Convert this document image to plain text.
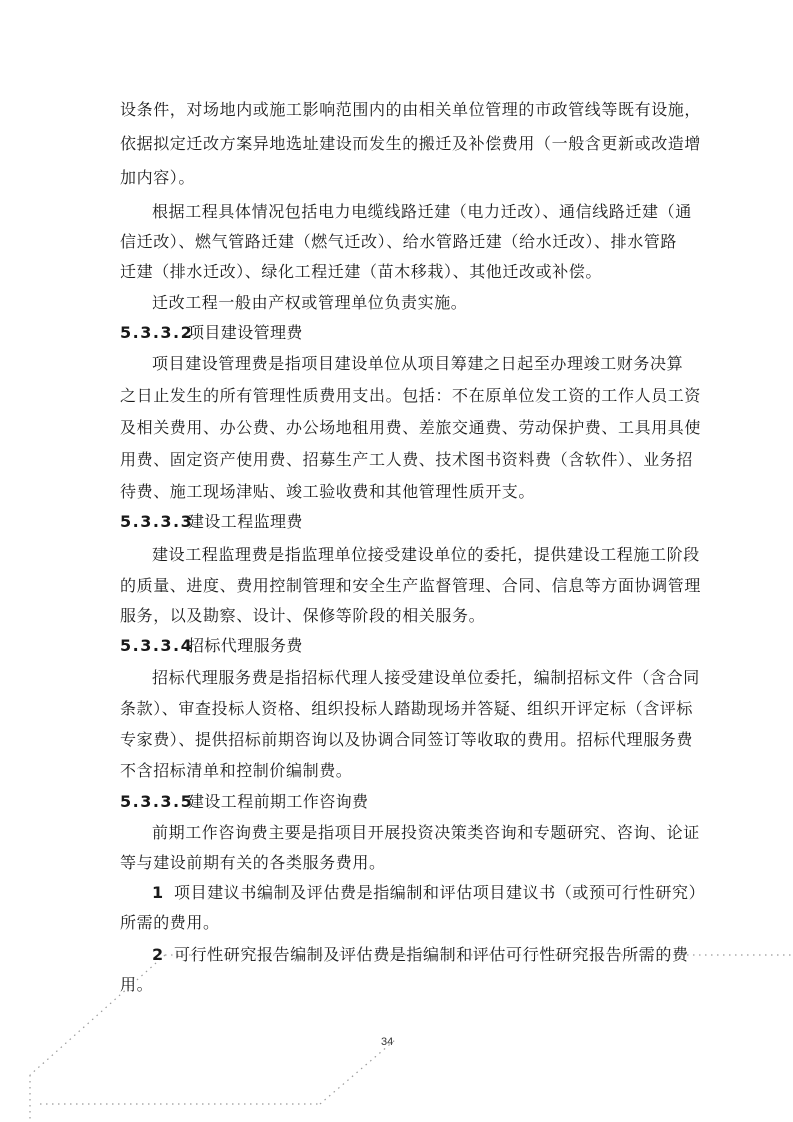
设条件，对场地内或施工影响范围内的由相关单位管理的市政管线等既有设施，
依据拟定迁改方案异地选址建设而发生的搬迁及补偿费用（一般含更新或改造增
加内容）。
根据工程具体情况包括电力电缆线路迁建（电力迁改）、通信线路迁建（通
信迁改）、燃气管路迁建（燃气迁改）、给水管路迁建（给水迁改）、排水管路
迁建（排水迁改）、绿化工程迁建（苗木移栽）、其他迁改或补偿。
迁改工程一般由产权或管理单位负责实施。
5.3.3.2项目建设管理费
项目建设管理费是指项目建设单位从项目筹建之日起至办理竣工财务决算
之日止发生的所有管理性质费用支出。包括：不在原单位发工资的工作人员工资
及相关费用、办公费、办公场地租用费、差旅交通费、劳动保护费、工具用具使
用费、固定资产使用费、招募生产工人费、技术图书资料费（含软件）、业务招
待费、施工现场津贴、竣工验收费和其他管理性质开支。
5.3.3.3建设工程监理费
建设工程监理费是指监理单位接受建设单位的委托，提供建设工程施工阶段
的质量、进度、费用控制管理和安全生产监督管理、合同、信息等方面协调管理
服务，以及勘察、设计、保修等阶段的相关服务。
5.3.3.4招标代理服务费
招标代理服务费是指招标代理人接受建设单位委托，编制招标文件（含合同
条款）、审查投标人资格、组织投标人踏勘现场并答疑、组织开评定标（含评标
专家费）、提供招标前期咨询以及协调合同签订等收取的费用。招标代理服务费
不含招标清单和控制价编制费。
5.3.3.5建设工程前期工作咨询费
前期工作咨询费主要是指项目开展投资决策类咨询和专题研究、咨询、论证
等与建设前期有关的各类服务费用。
1 项目建议书编制及评估费是指编制和评估项目建议书（或预可行性研究）
所需的费用。
2 可行性研究报告编制及评估费是指编制和评估可行性研究报告所需的费
用。
34
